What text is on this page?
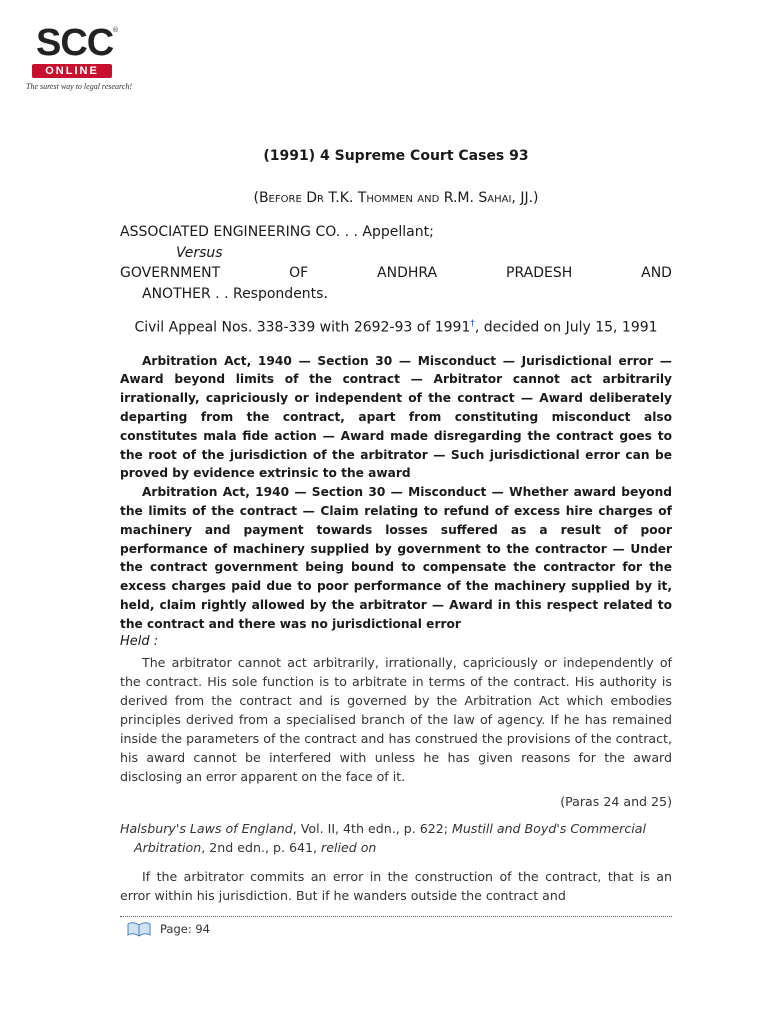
SCC
®
ONLINE
The surest way to legal research!

(1991) 4 Supreme Court Cases 93

(Before Dr T.K. Thommen and R.M. Sahai, JJ.)

ASSOCIATED ENGINEERING CO. . . Appellant;
Versus
GOVERNMENT	OF	ANDHRA	PRADESH	AND
ANOTHER . . Respondents.
Civil Appeal Nos. 338-339 with 2692-93 of 1991†, decided on July 15, 1991

Arbitration Act, 1940 — Section 30 — Misconduct — Jurisdictional error — Award beyond limits of the contract — Arbitrator cannot act arbitrarily irrationally, capriciously or independent of the contract — Award deliberately departing from the contract, apart from constituting misconduct also constitutes mala fide action — Award made disregarding the contract goes to the root of the jurisdiction of the arbitrator — Such jurisdictional error can be proved by evidence extrinsic to the award

Arbitration Act, 1940 — Section 30 — Misconduct — Whether award beyond the limits of the contract — Claim relating to refund of excess hire charges of machinery and payment towards losses suffered as a result of poor performance of machinery supplied by government to the contractor — Under the contract government being bound to compensate the contractor for the excess charges paid due to poor performance of the machinery supplied by it, held, claim rightly allowed by the arbitrator — Award in this respect related to the contract and there was no jurisdictional error

Held :

The arbitrator cannot act arbitrarily, irrationally, capriciously or independently of the contract. His sole function is to arbitrate in terms of the contract. His authority is derived from the contract and is governed by the Arbitration Act which embodies principles derived from a specialised branch of the law of agency. If he has remained inside the parameters of the contract and has construed the provisions of the contract, his award cannot be interfered with unless he has given reasons for the award disclosing an error apparent on the face of it.

(Paras 24 and 25)

Halsbury's Laws of England, Vol. II, 4th edn., p. 622; Mustill and Boyd's Commercial Arbitration, 2nd edn., p. 641, relied on

If the arbitrator commits an error in the construction of the contract, that is an error within his jurisdiction. But if he wanders outside the contract and

Page: 94
